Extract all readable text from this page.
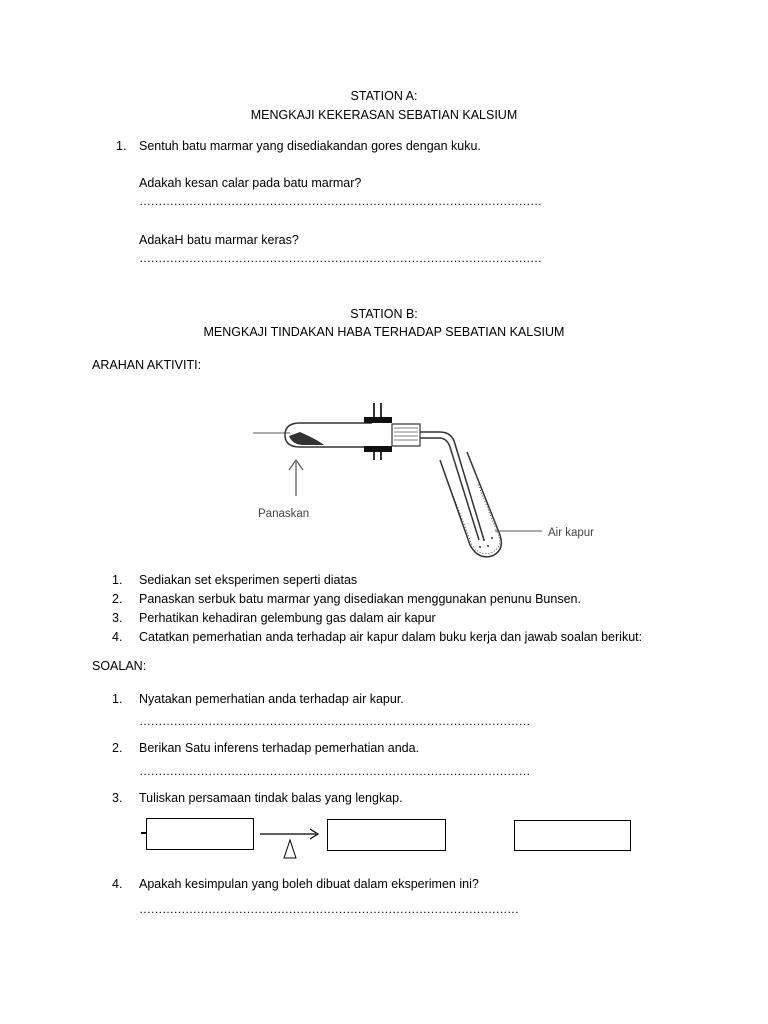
STATION A:
MENGKAJI KEKERASAN SEBATIAN KALSIUM
1. Sentuh batu marmar yang disediakandan gores dengan kuku.
Adakah kesan calar pada batu marmar?
……………………………………………………………………………………………
AdakaH batu marmar keras?
……………………………………………………………………………………………
STATION B:
MENGKAJI TINDAKAN HABA TERHADAP SEBATIAN KALSIUM
ARAHAN AKTIVITI:
Panaskan
Air kapur
1. Sediakan set eksperimen seperti diatas
2. Panaskan serbuk batu marmar yang disediakan menggunakan penunu Bunsen.
3. Perhatikan kehadiran gelembung gas dalam air kapur
4. Catatkan pemerhatian anda terhadap air kapur dalam buku kerja dan jawab soalan berikut:
SOALAN:
1. Nyatakan pemerhatian anda terhadap air kapur.
…………………………………………………………………………………………
2. Berikan Satu inferens terhadap pemerhatian anda.
…………………………………………………………………………………………
3. Tuliskan persamaan tindak balas yang lengkap.
4. Apakah kesimpulan yang boleh dibuat dalam eksperimen ini?
………………………………………………………………………………………
